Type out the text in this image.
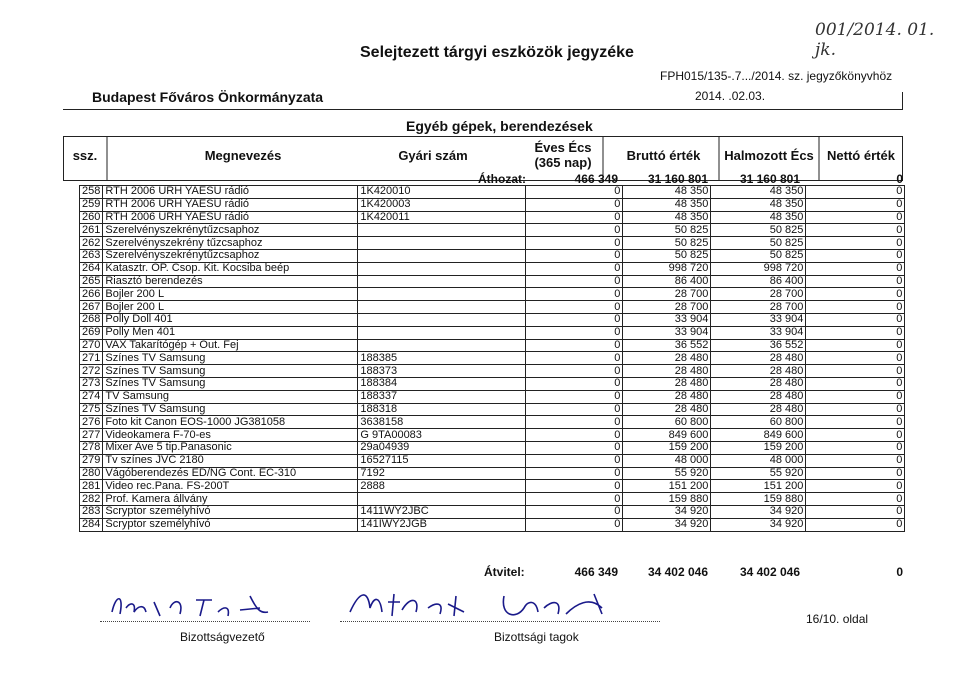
001/2014. 01. jk.
Selejtezett tárgyi eszközök jegyzéke
FPH015/135-.7.../2014. sz. jegyzőkönyvhöz
Budapest Főváros Önkormányzata	2014. .02.03.
Egyéb gépek, berendezések
ssz.	Megnevezés	Gyári szám
Éves Écs
(365 nap)	Bruttó érték	Halmozott Écs	Nettó érték
Áthozat:	466 349	31 160 801	31 160 801	0
258	RTH 2006 URH YAESU rádió	1K420010	0	48 350	48 350	0
259	RTH 2006 URH YAESU rádió	1K420003	0	48 350	48 350	0
260	RTH 2006 URH YAESU rádió	1K420011	0	48 350	48 350	0
261	Szerelvényszekrénytűzcsaphoz		0	50 825	50 825	0
262	Szerelvényszekrény tűzcsaphoz		0	50 825	50 825	0
263	Szerelvényszekrénytűzcsaphoz		0	50 825	50 825	0
264	Katasztr. OP. Csop. Kit. Kocsiba beép		0	998 720	998 720	0
265	Riasztó berendezés		0	86 400	86 400	0
266	Bojler 200 L		0	28 700	28 700	0
267	Bojler 200 L		0	28 700	28 700	0
268	Polly Doll 401		0	33 904	33 904	0
269	Polly Men 401		0	33 904	33 904	0
270	VAX Takarítógép + Out. Fej		0	36 552	36 552	0
271	Színes TV Samsung	188385	0	28 480	28 480	0
272	Színes TV Samsung	188373	0	28 480	28 480	0
273	Színes TV Samsung	188384	0	28 480	28 480	0
274	TV Samsung	188337	0	28 480	28 480	0
275	Színes TV Samsung	188318	0	28 480	28 480	0
276	Foto kit Canon EOS-1000 JG381058	3638158	0	60 800	60 800	0
277	Videokamera F-70-es	G 9TA00083	0	849 600	849 600	0
278	Mixer Ave 5 tip.Panasonic	29a04939	0	159 200	159 200	0
279	Tv színes JVC 2180	16527115	0	48 000	48 000	0
280	Vágóberendezés ED/NG Cont. EC-310	7192	0	55 920	55 920	0
281	Video rec.Pana. FS-200T	2888	0	151 200	151 200	0
282	Prof. Kamera állvány		0	159 880	159 880	0
283	Scryptor személyhívó	1411WY2JBC	0	34 920	34 920	0
284	Scryptor személyhívó	141IWY2JGB	0	34 920	34 920	0
Átvitel:	466 349	34 402 046	34 402 046	0
Bizottságvezető	Bizottsági tagok
16/10. oldal
